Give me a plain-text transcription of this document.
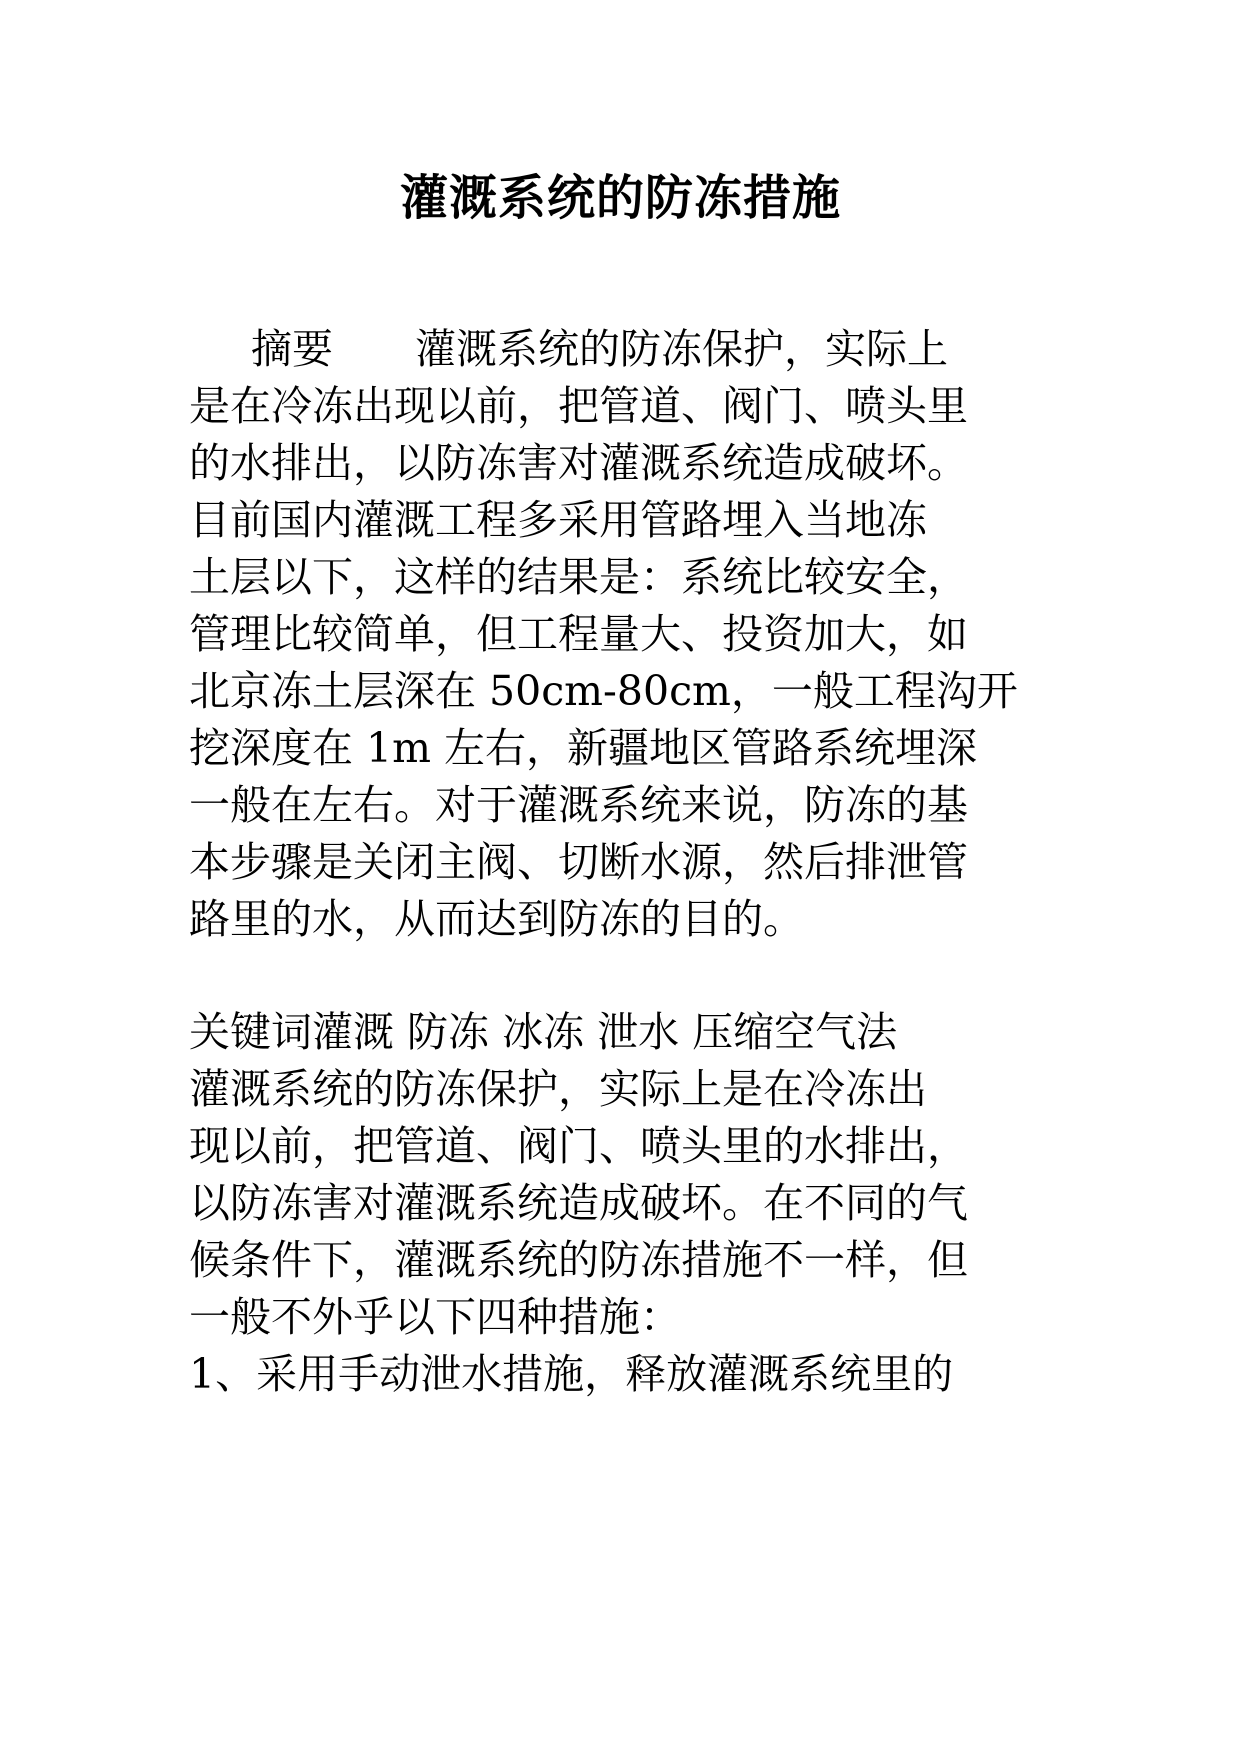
灌溉系统的防冻措施
摘要 灌溉系统的防冻保护，实际上
是在冷冻出现以前，把管道、阀门、喷头里
的水排出，以防冻害对灌溉系统造成破坏。
目前国内灌溉工程多采用管路埋入当地冻
土层以下，这样的结果是：系统比较安全，
管理比较简单，但工程量大、投资加大，如
北京冻土层深在 50cm-80cm，一般工程沟开
挖深度在 1m 左右，新疆地区管路系统埋深
一般在左右。对于灌溉系统来说，防冻的基
本步骤是关闭主阀、切断水源，然后排泄管
路里的水，从而达到防冻的目的。
关键词灌溉 防冻 冰冻 泄水 压缩空气法
灌溉系统的防冻保护，实际上是在冷冻出
现以前，把管道、阀门、喷头里的水排出，
以防冻害对灌溉系统造成破坏。在不同的气
候条件下，灌溉系统的防冻措施不一样，但
一般不外乎以下四种措施：
1、采用手动泄水措施，释放灌溉系统里的
